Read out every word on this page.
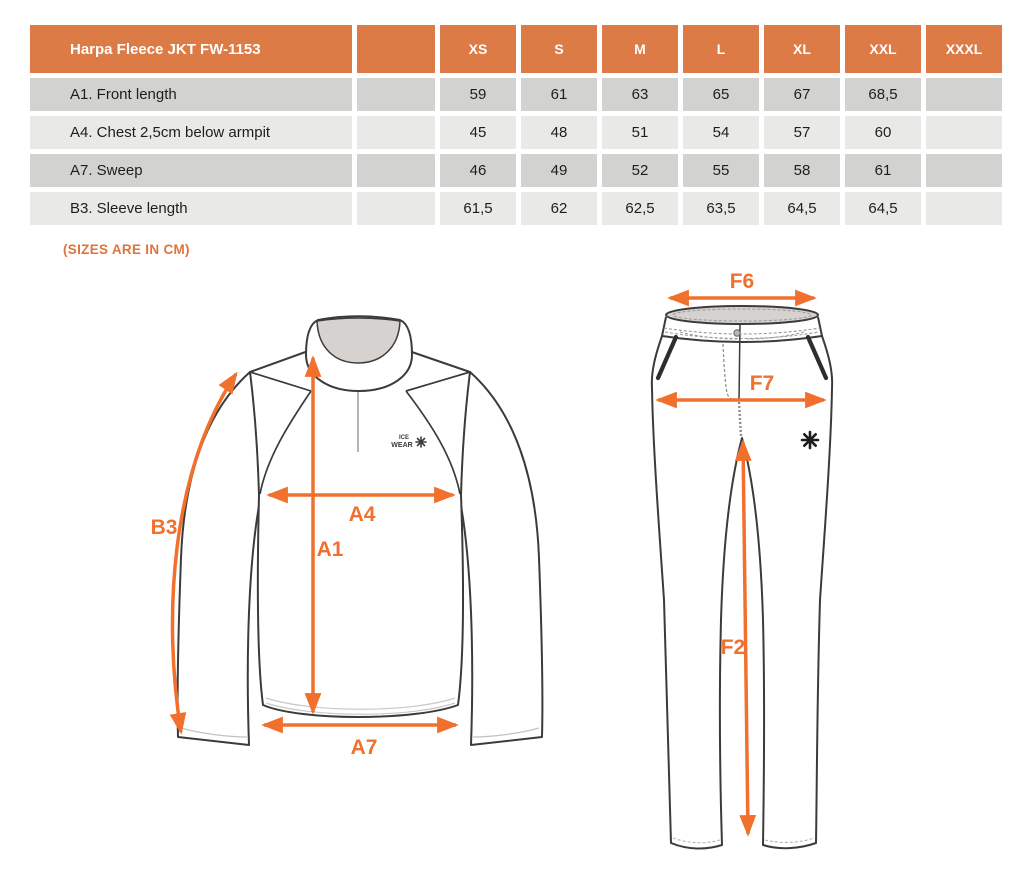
Harpa Fleece JKT FW-1153		XS	S	M	L	XL	XXL	XXXL
A1. Front length		59	61	63	65	67	68,5	
A4. Chest 2,5cm below armpit		45	48	51	54	57	60	
A7. Sweep		46	49	52	55	58	61	
B3. Sleeve length		61,5	62	62,5	63,5	64,5	64,5	
(SIZES ARE IN CM)
ICE
WEAR
B3
A4
A1
A7
F6
F7
F2
